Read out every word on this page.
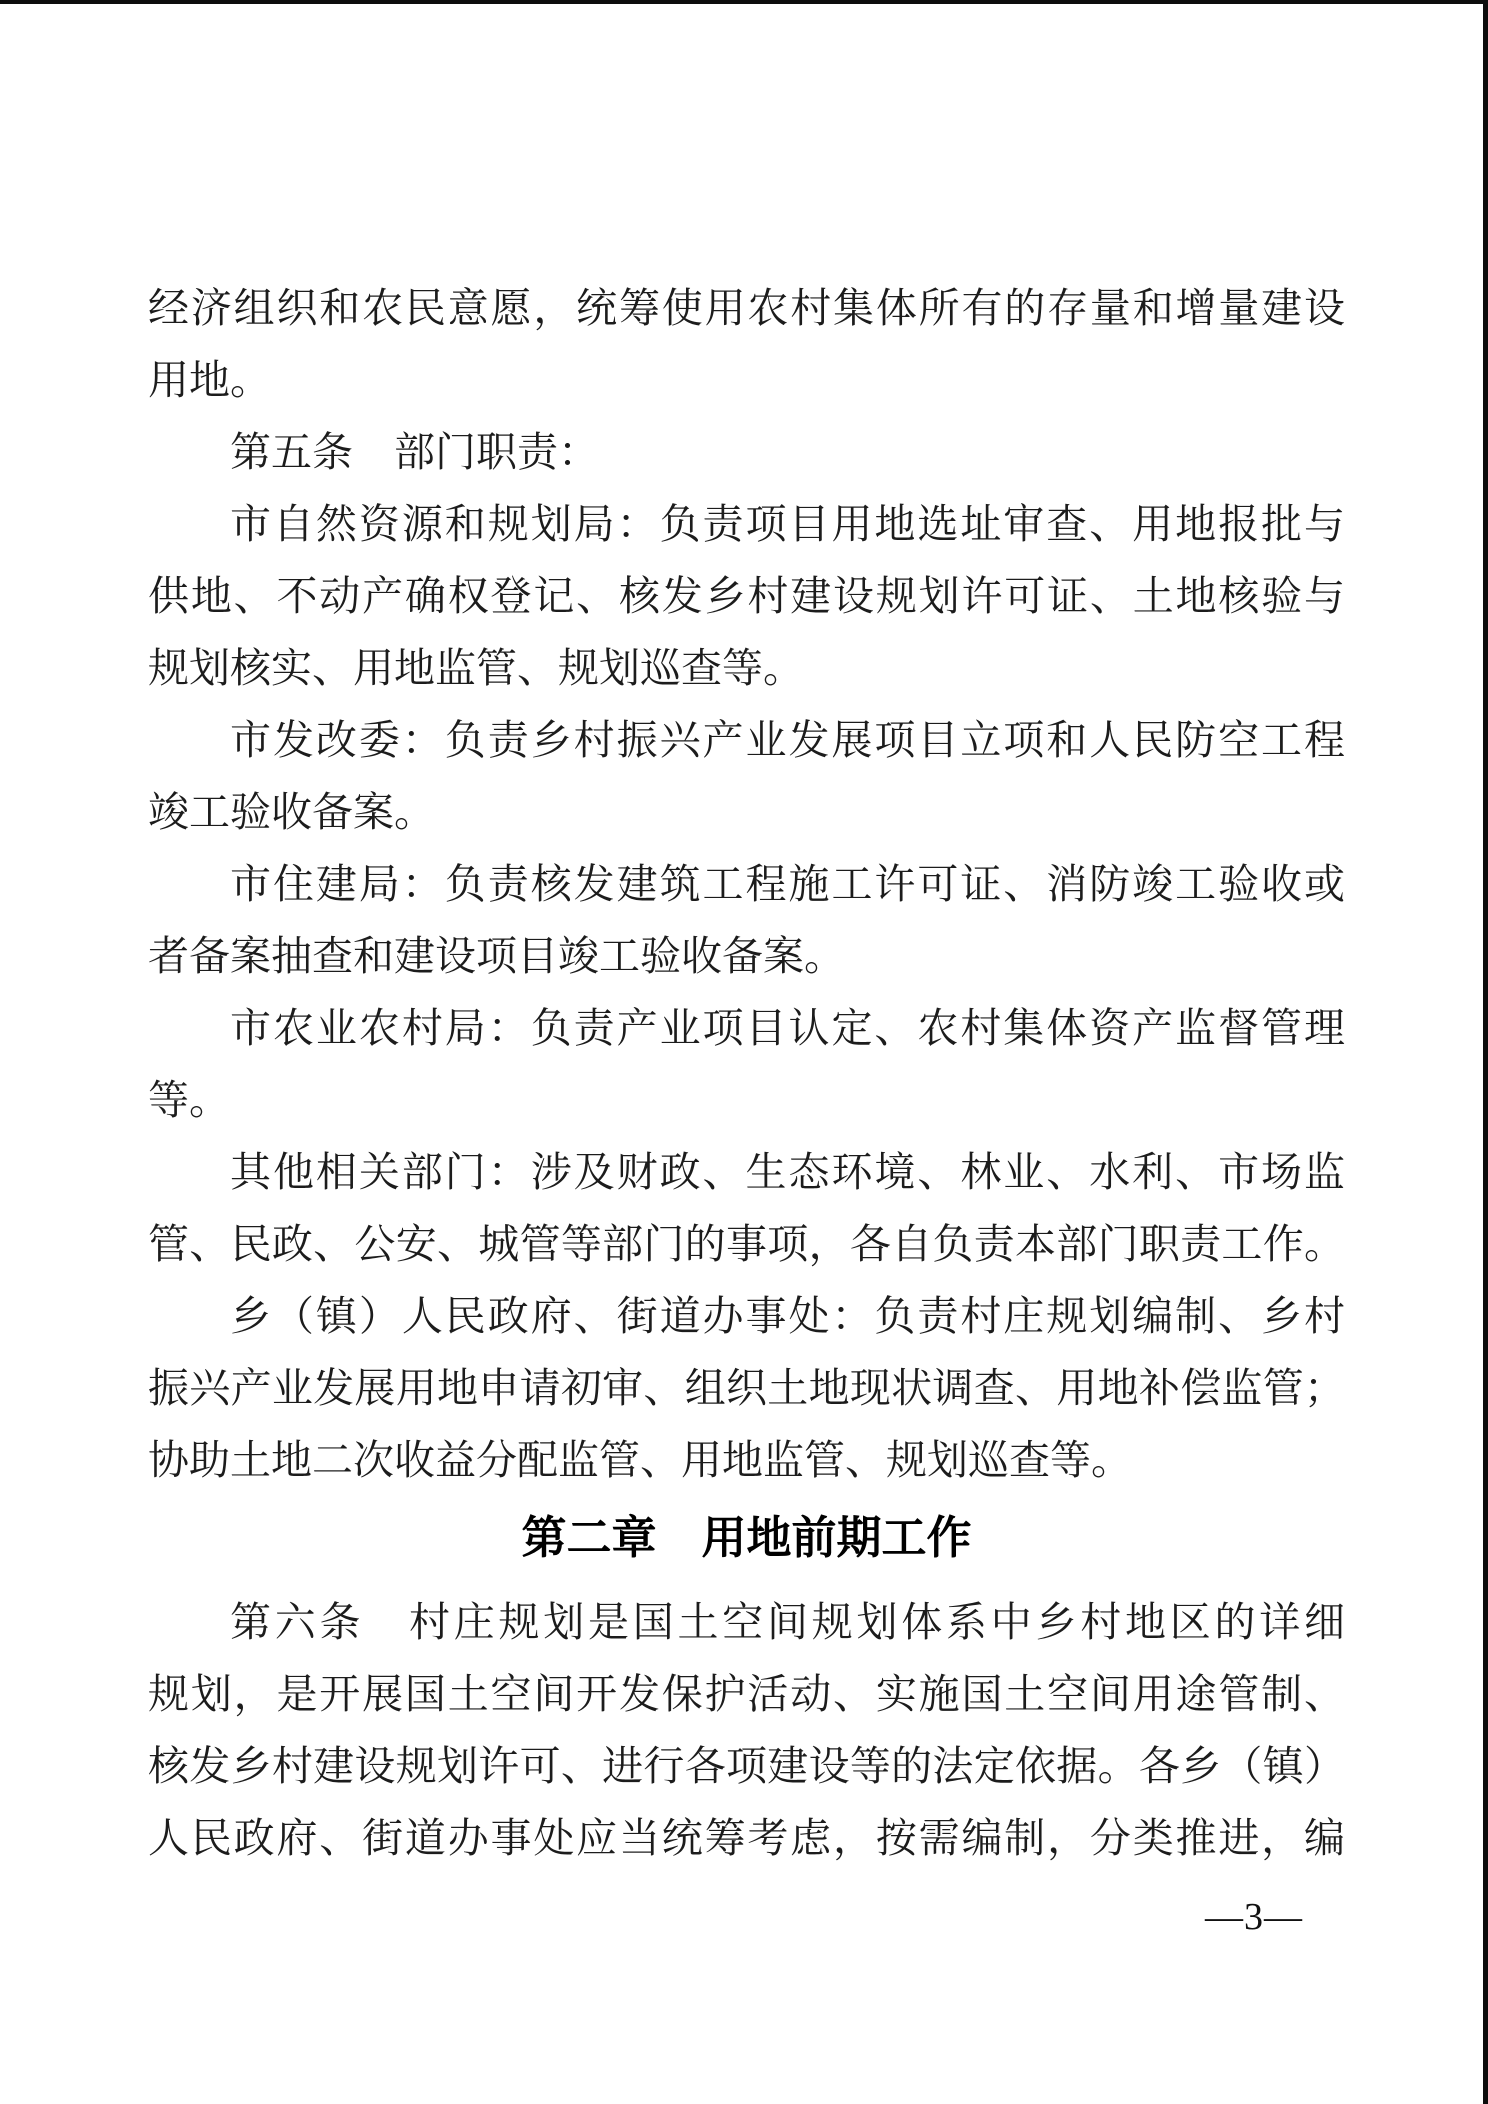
经济组织和农民意愿，统筹使用农村集体所有的存量和增量建设
用地。
第五条　部门职责：
市自然资源和规划局：负责项目用地选址审查、用地报批与
供地、不动产确权登记、核发乡村建设规划许可证、土地核验与
规划核实、用地监管、规划巡查等。
市发改委：负责乡村振兴产业发展项目立项和人民防空工程
竣工验收备案。
市住建局：负责核发建筑工程施工许可证、消防竣工验收或
者备案抽查和建设项目竣工验收备案。
市农业农村局：负责产业项目认定、农村集体资产监督管理
等。
其他相关部门：涉及财政、生态环境、林业、水利、市场监
管、民政、公安、城管等部门的事项，各自负责本部门职责工作。
乡（镇）人民政府、街道办事处：负责村庄规划编制、乡村
振兴产业发展用地申请初审、组织土地现状调查、用地补偿监管；
协助土地二次收益分配监管、用地监管、规划巡查等。
第二章　用地前期工作
第六条　村庄规划是国土空间规划体系中乡村地区的详细
规划，是开展国土空间开发保护活动、实施国土空间用途管制、
核发乡村建设规划许可、进行各项建设等的法定依据。各乡（镇）
人民政府、街道办事处应当统筹考虑，按需编制，分类推进，编
—3—
